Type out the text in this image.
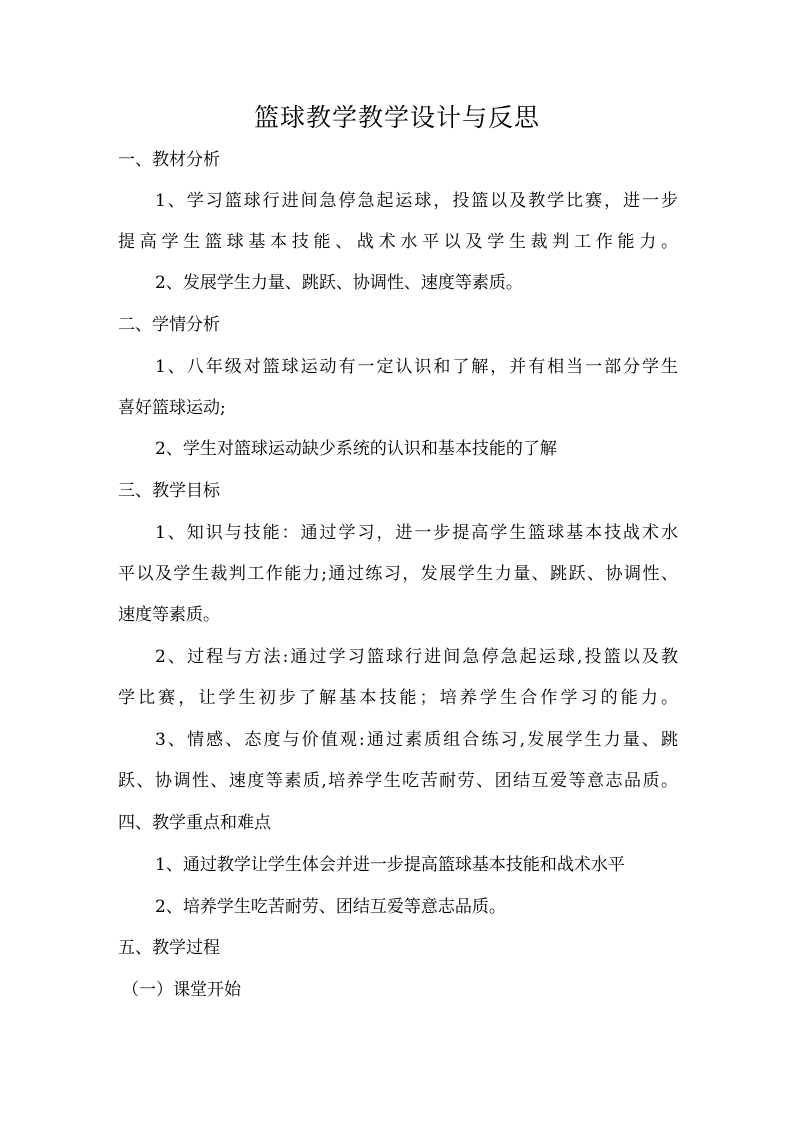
篮球教学教学设计与反思
一、教材分析
1、学习篮球行进间急停急起运球，投篮以及教学比赛，进一步
提高学生篮球基本技能、战术水平以及学生裁判工作能力。
2、发展学生力量、跳跃、协调性、速度等素质。
二、学情分析
1、八年级对篮球运动有一定认识和了解，并有相当一部分学生
喜好篮球运动;
2、学生对篮球运动缺少系统的认识和基本技能的了解
三、教学目标
1、知识与技能：通过学习，进一步提高学生篮球基本技战术水
平以及学生裁判工作能力;通过练习，发展学生力量、跳跃、协调性、
速度等素质。
2、过程与方法:通过学习篮球行进间急停急起运球,投篮以及教
学比赛，让学生初步了解基本技能；培养学生合作学习的能力。
3、情感、态度与价值观:通过素质组合练习,发展学生力量、跳
跃、协调性、速度等素质,培养学生吃苦耐劳、团结互爱等意志品质。
四、教学重点和难点
1、通过教学让学生体会并进一步提高篮球基本技能和战术水平
2、培养学生吃苦耐劳、团结互爱等意志品质。
五、教学过程
（一）课堂开始
